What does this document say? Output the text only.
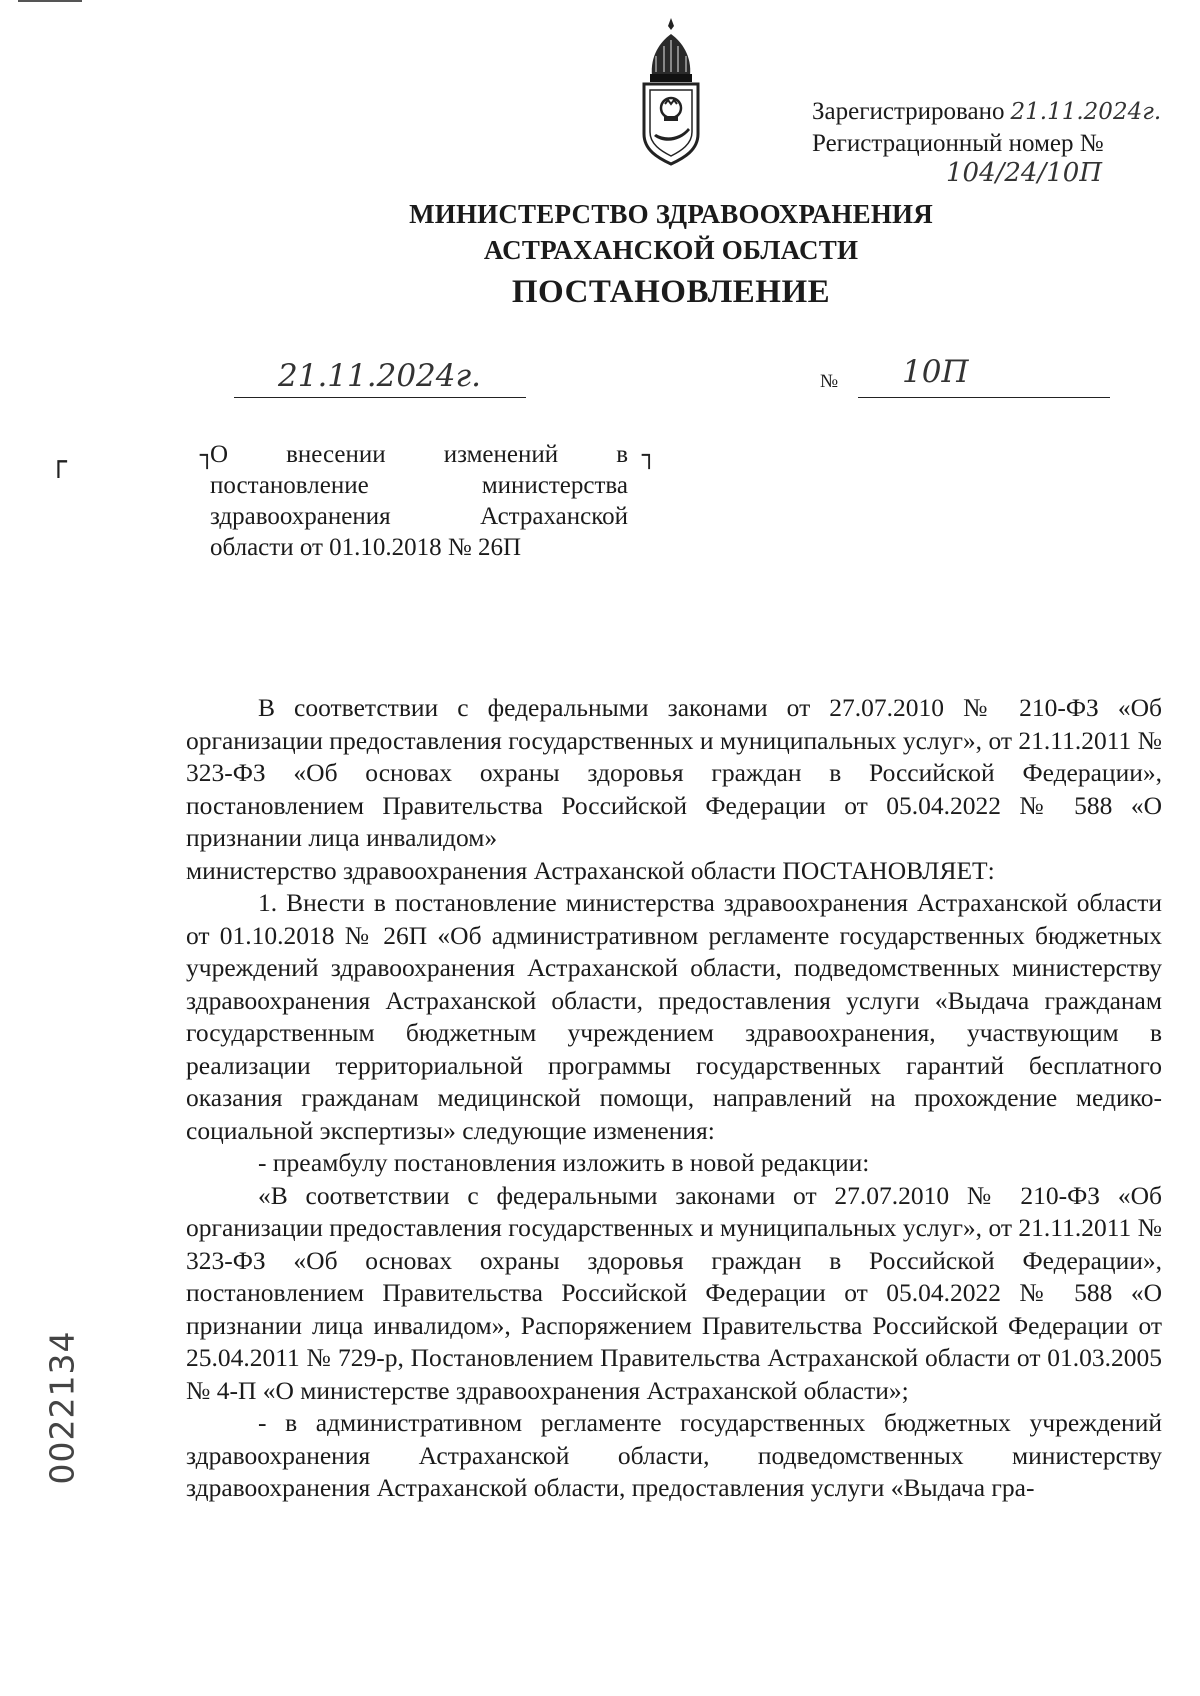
Зарегистрировано 21.11.2024г.
Регистрационный номер №
104/24/10П
МИНИСТЕРСТВО ЗДРАВООХРАНЕНИЯ
АСТРАХАНСКОЙ ОБЛАСТИ
ПОСТАНОВЛЕНИЕ
21.11.2024г.	№ 10П
┌	┐	┐
О внесении изменений в постановление министерства здравоохранения Астраханской области от 01.10.2018 № 26П

В соответствии с федеральными законами от 27.07.2010 № 210-ФЗ «Об организации предоставления государственных и муниципальных услуг», от 21.11.2011 № 323-ФЗ «Об основах охраны здоровья граждан в Российской Федерации», постановлением Правительства Российской Федерации от 05.04.2022 № 588 «О признании лица инвалидом»

министерство здравоохранения Астраханской области ПОСТАНОВЛЯЕТ:

1. Внести в постановление министерства здравоохранения Астраханской области от 01.10.2018 № 26П «Об административном регламенте государственных бюджетных учреждений здравоохранения Астраханской области, подведомственных министерству здравоохранения Астраханской области, предоставления услуги «Выдача гражданам государственным бюджетным учреждением здравоохранения, участвующим в реализации территориальной программы государственных гарантий бесплатного оказания гражданам медицинской помощи, направлений на прохождение медико-социальной экспертизы» следующие изменения:

- преамбулу постановления изложить в новой редакции:

«В соответствии с федеральными законами от 27.07.2010 № 210-ФЗ «Об организации предоставления государственных и муниципальных услуг», от 21.11.2011 № 323-ФЗ «Об основах охраны здоровья граждан в Российской Федерации», постановлением Правительства Российской Федерации от 05.04.2022 № 588 «О признании лица инвалидом», Распоряжением Правительства Российской Федерации от 25.04.2011 № 729-р, Постановлением Правительства Астраханской области от 01.03.2005 № 4-П «О министерстве здравоохранения Астраханской области»;

- в административном регламенте государственных бюджетных учреждений здравоохранения Астраханской области, подведомственных министерству здравоохранения Астраханской области, предоставления услуги «Выдача гра-

0022134
